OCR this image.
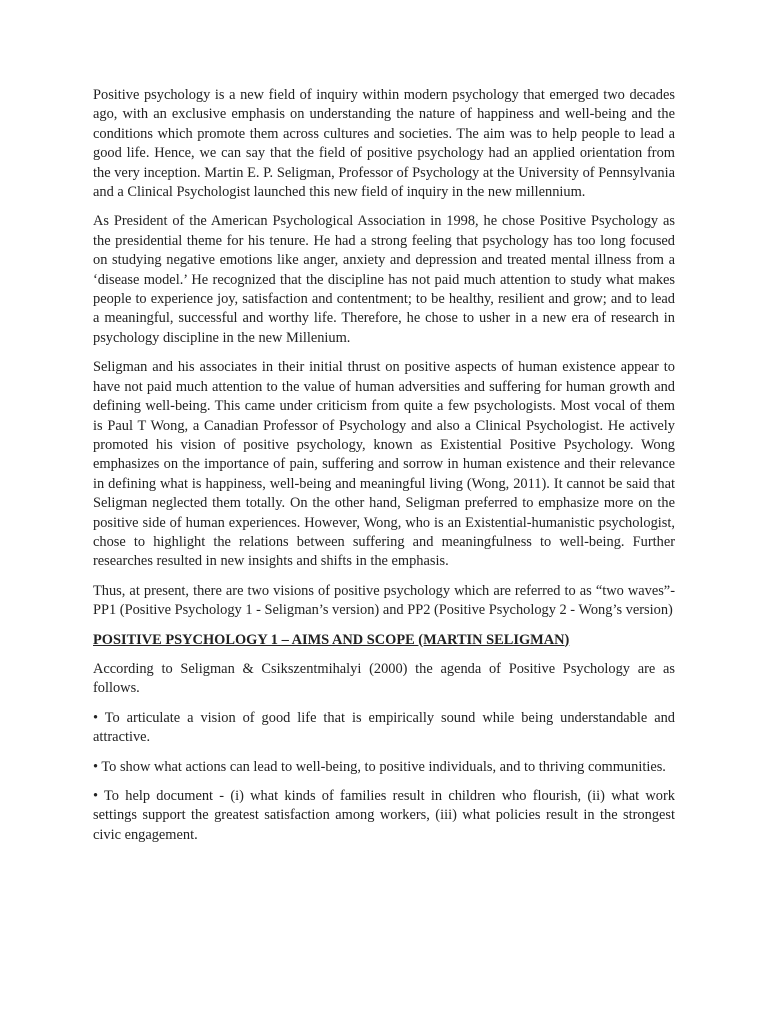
Positive psychology is a new field of inquiry within modern psychology that emerged two decades ago, with an exclusive emphasis on understanding the nature of happiness and well-being and the conditions which promote them across cultures and societies. The aim was to help people to lead a good life. Hence, we can say that the field of positive psychology had an applied orientation from the very inception. Martin E. P. Seligman, Professor of Psychology at the University of Pennsylvania and a Clinical Psychologist launched this new field of inquiry in the new millennium.

As President of the American Psychological Association in 1998, he chose Positive Psychology as the presidential theme for his tenure. He had a strong feeling that psychology has too long focused on studying negative emotions like anger, anxiety and depression and treated mental illness from a ‘disease model.’ He recognized that the discipline has not paid much attention to study what makes people to experience joy, satisfaction and contentment; to be healthy, resilient and grow; and to lead a meaningful, successful and worthy life. Therefore, he chose to usher in a new era of research in psychology discipline in the new Millenium.

Seligman and his associates in their initial thrust on positive aspects of human existence appear to have not paid much attention to the value of human adversities and suffering for human growth and defining well-being. This came under criticism from quite a few psychologists. Most vocal of them is Paul T Wong, a Canadian Professor of Psychology and also a Clinical Psychologist. He actively promoted his vision of positive psychology, known as Existential Positive Psychology. Wong emphasizes on the importance of pain, suffering and sorrow in human existence and their relevance in defining what is happiness, well-being and meaningful living (Wong, 2011). It cannot be said that Seligman neglected them totally. On the other hand, Seligman preferred to emphasize more on the positive side of human experiences. However, Wong, who is an Existential-humanistic psychologist, chose to highlight the relations between suffering and meaningfulness to well-being. Further researches resulted in new insights and shifts in the emphasis.

Thus, at present, there are two visions of positive psychology which are referred to as “two waves”- PP1 (Positive Psychology 1 - Seligman’s version) and PP2 (Positive Psychology 2 - Wong’s version)

POSITIVE PSYCHOLOGY 1 – AIMS AND SCOPE (MARTIN SELIGMAN)

According to Seligman & Csikszentmihalyi (2000) the agenda of Positive Psychology are as follows.

• To articulate a vision of good life that is empirically sound while being understandable and attractive.

• To show what actions can lead to well-being, to positive individuals, and to thriving communities.

• To help document - (i) what kinds of families result in children who flourish, (ii) what work settings support the greatest satisfaction among workers, (iii) what policies result in the strongest civic engagement.
